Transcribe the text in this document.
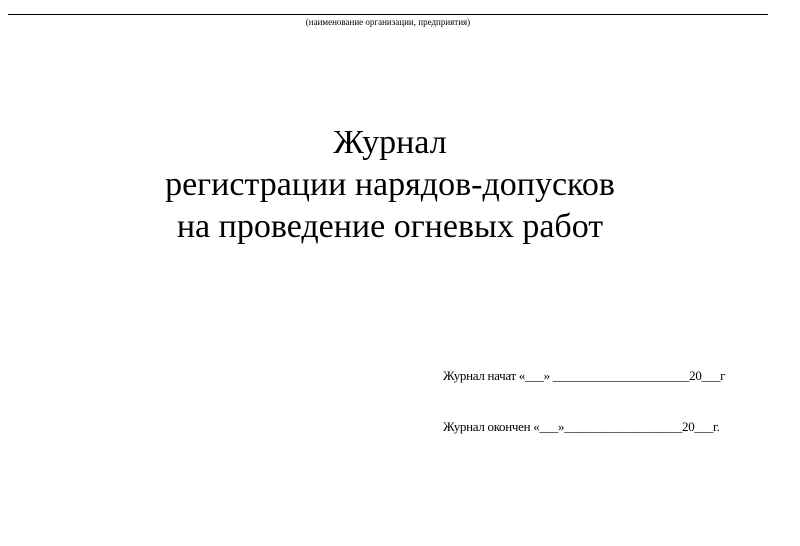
(наименование организации, предприятия)
Журнал
регистрации нарядов-допусков
на проведение огневых работ
Журнал начат «___» ______________________20___г
Журнал окончен «___»___________________20___г.
